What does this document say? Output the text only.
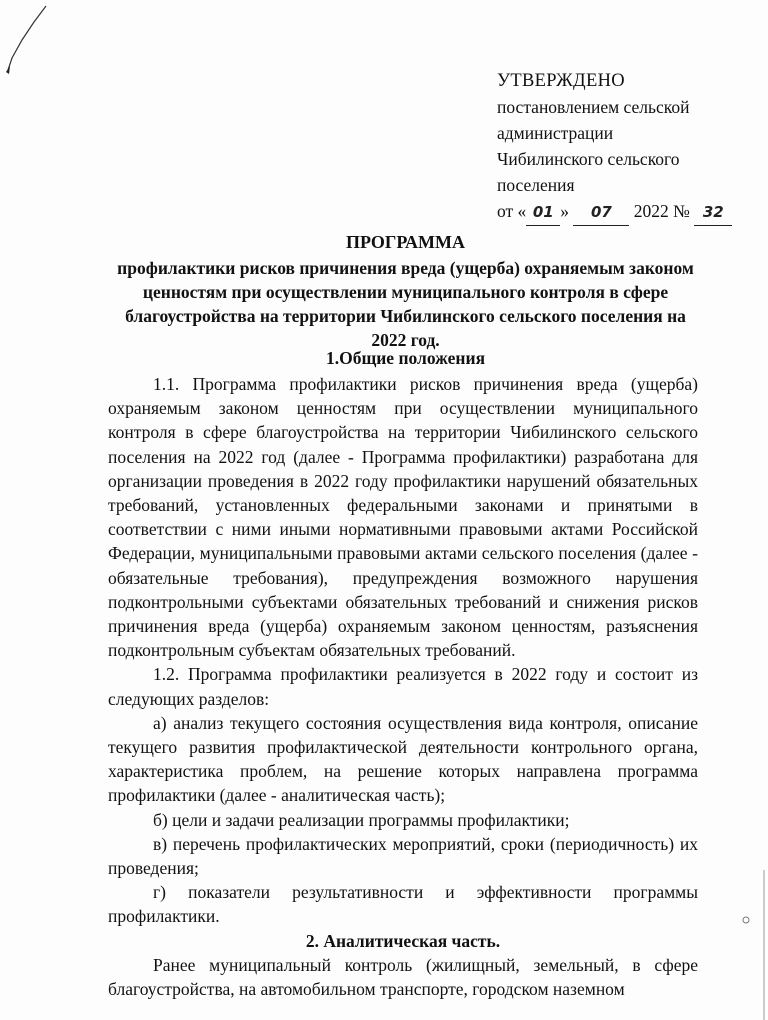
УТВЕРЖДЕНО
постановлением сельской
администрации
Чибилинского сельского
поселения
от « 01 » 07 2022 № 32
ПРОГРАММА
профилактики рисков причинения вреда (ущерба) охраняемым законом ценностям при осуществлении муниципального контроля в сфере благоустройства на территории Чибилинского сельского поселения на 2022 год.
1.Общие положения

1.1. Программа профилактики рисков причинения вреда (ущерба) охраняемым законом ценностям при осуществлении муниципального контроля в сфере благоустройства на территории Чибилинского сельского поселения на 2022 год (далее - Программа профилактики) разработана для организации проведения в 2022 году профилактики нарушений обязательных требований, установленных федеральными законами и принятыми в соответствии с ними иными нормативными правовыми актами Российской Федерации, муниципальными правовыми актами сельского поселения (далее - обязательные требования), предупреждения возможного нарушения подконтрольными субъектами обязательных требований и снижения рисков причинения вреда (ущерба) охраняемым законом ценностям, разъяснения подконтрольным субъектам обязательных требований.

1.2. Программа профилактики реализуется в 2022 году и состоит из следующих разделов:

а) анализ текущего состояния осуществления вида контроля, описание текущего развития профилактической деятельности контрольного органа, характеристика проблем, на решение которых направлена программа профилактики (далее - аналитическая часть);

б) цели и задачи реализации программы профилактики;

в) перечень профилактических мероприятий, сроки (периодичность) их проведения;

г) показатели результативности и эффективности программы профилактики.

2. Аналитическая часть.

Ранее муниципальный контроль (жилищный, земельный, в сфере благоустройства, на автомобильном транспорте, городском наземном
